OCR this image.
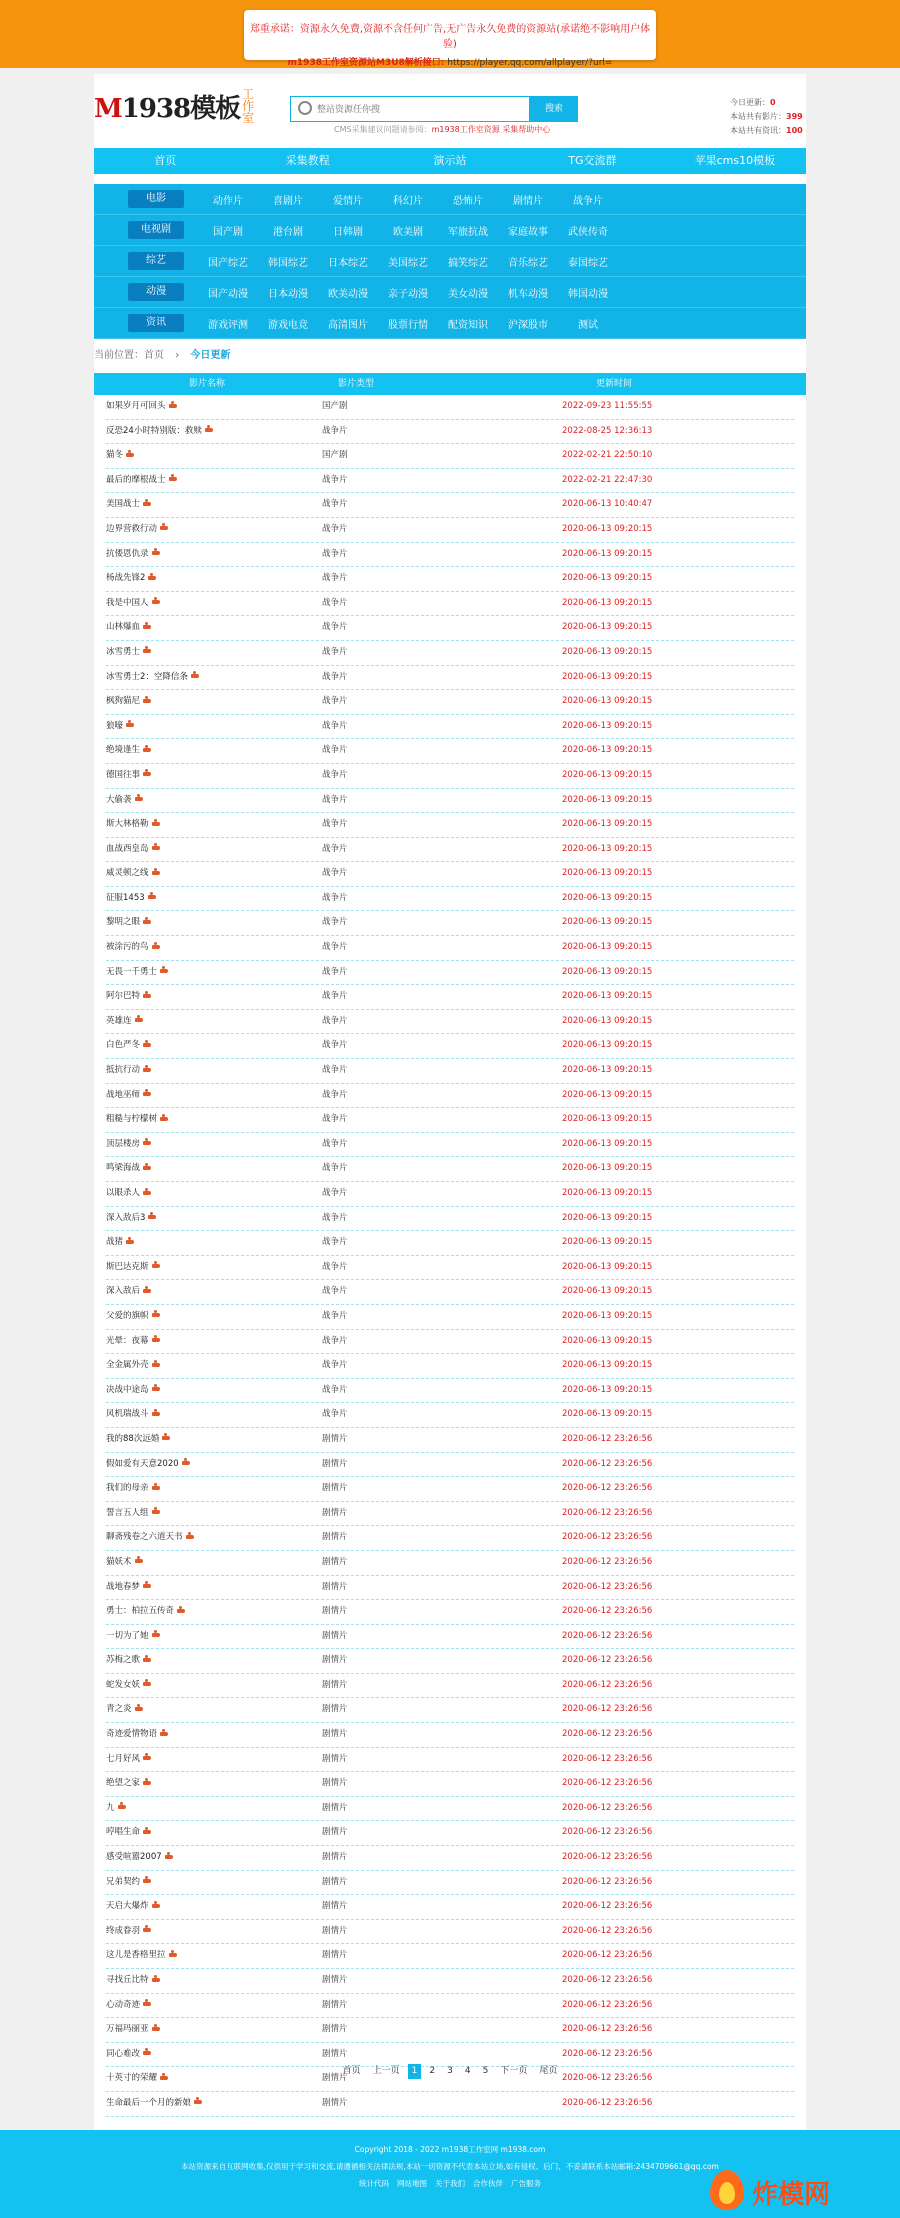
郑重承诺：资源永久免费,资源不含任何广告,无广告永久免费的资源站(承诺绝不影响用户体验)
m1938工作室资源站M3U8解析接口: https://player.qq.com/allplayer/?url=
M1938模板 工作室
整站资源任你搜
搜索
CMS采集建议问题请参阅：m1938工作室资源 采集帮助中心
今日更新：0
本站共有影片：399
本站共有资讯：100
首页	采集教程	演示站	TG交流群	苹果cms10模板
电影	动作片	喜剧片	爱情片	科幻片	恐怖片	剧情片	战争片
电视剧	国产剧	港台剧	日韩剧	欧美剧	军旅抗战	家庭故事	武侠传奇
综艺	国产综艺	韩国综艺	日本综艺	美国综艺	搞笑综艺	音乐综艺	泰国综艺
动漫	国产动漫	日本动漫	欧美动漫	亲子动漫	美女动漫	机车动漫	韩国动漫
资讯	游戏评测	游戏电竞	高清图片	股票行情	配资知识	沪深股市	测试
当前位置：首页 › 今日更新
影片名称	影片类型	更新时间
如果岁月可回头	国产剧	2022-09-23 11:55:55
反恐24小时特别版：救赎	战争片	2022-08-25 12:36:13
猫冬	国产剧	2022-02-21 22:50:10
最后的摩根战士	战争片	2022-02-21 22:47:30
美国战士	战争片	2020-06-13 10:40:47
边界营救行动	战争片	2020-06-13 09:20:15
抗倭恩仇录	战争片	2020-06-13 09:20:15
杨战先锋2	战争片	2020-06-13 09:20:15
我是中国人	战争片	2020-06-13 09:20:15
山林爆血	战争片	2020-06-13 09:20:15
冰雪勇士	战争片	2020-06-13 09:20:15
冰雪勇士2：空降信条	战争片	2020-06-13 09:20:15
枫狗猫尼	战争片	2020-06-13 09:20:15
狼嚎	战争片	2020-06-13 09:20:15
绝境逢生	战争片	2020-06-13 09:20:15
德国往事	战争片	2020-06-13 09:20:15
大偷袭	战争片	2020-06-13 09:20:15
斯大林格勒	战争片	2020-06-13 09:20:15
血战西皇岛	战争片	2020-06-13 09:20:15
威灵顿之线	战争片	2020-06-13 09:20:15
征服1453	战争片	2020-06-13 09:20:15
黎明之眼	战争片	2020-06-13 09:20:15
被涂污的鸟	战争片	2020-06-13 09:20:15
无畏一千勇士	战争片	2020-06-13 09:20:15
阿尔巴特	战争片	2020-06-13 09:20:15
英雄连	战争片	2020-06-13 09:20:15
白色严冬	战争片	2020-06-13 09:20:15
抵抗行动	战争片	2020-06-13 09:20:15
战地巫师	战争片	2020-06-13 09:20:15
粗糙与柠檬树	战争片	2020-06-13 09:20:15
顶层楼房	战争片	2020-06-13 09:20:15
鸣梁海战	战争片	2020-06-13 09:20:15
以眼杀人	战争片	2020-06-13 09:20:15
深入敌后3	战争片	2020-06-13 09:20:15
战猪	战争片	2020-06-13 09:20:15
斯巴达克斯	战争片	2020-06-13 09:20:15
深入敌后	战争片	2020-06-13 09:20:15
父爱的旗帜	战争片	2020-06-13 09:20:15
光晕：夜幕	战争片	2020-06-13 09:20:15
全金属外壳	战争片	2020-06-13 09:20:15
决战中途岛	战争片	2020-06-13 09:20:15
风机瑞战斗	战争片	2020-06-13 09:20:15
我的88次远婚	剧情片	2020-06-12 23:26:56
假如爱有天意2020	剧情片	2020-06-12 23:26:56
我们的母亲	剧情片	2020-06-12 23:26:56
誓言五人组	剧情片	2020-06-12 23:26:56
聊斋残卷之六道天书	剧情片	2020-06-12 23:26:56
猫妖术	剧情片	2020-06-12 23:26:56
战地春梦	剧情片	2020-06-12 23:26:56
勇士：柏拉五传奇	剧情片	2020-06-12 23:26:56
一切为了她	剧情片	2020-06-12 23:26:56
苏梅之歌	剧情片	2020-06-12 23:26:56
蛇发女妖	剧情片	2020-06-12 23:26:56
青之炎	剧情片	2020-06-12 23:26:56
奇迹爱情物语	剧情片	2020-06-12 23:26:56
七月好风	剧情片	2020-06-12 23:26:56
绝望之家	剧情片	2020-06-12 23:26:56
九	剧情片	2020-06-12 23:26:56
哼唱生命	剧情片	2020-06-12 23:26:56
感受喧嚣2007	剧情片	2020-06-12 23:26:56
兄弟契约	剧情片	2020-06-12 23:26:56
天启大爆炸	剧情片	2020-06-12 23:26:56
终成眷羽	剧情片	2020-06-12 23:26:56
这儿是香格里拉	剧情片	2020-06-12 23:26:56
寻找丘比特	剧情片	2020-06-12 23:26:56
心动奇迹	剧情片	2020-06-12 23:26:56
万福玛丽亚	剧情片	2020-06-12 23:26:56
同心难改	剧情片	2020-06-12 23:26:56
十英寸的荣耀	剧情片	2020-06-12 23:26:56
生命最后一个月的新娘	剧情片	2020-06-12 23:26:56
首页 上一页 1 2 3 4 5 下一页 尾页

Copyright 2018 - 2022 m1938工作室网 m1938.com

本站资源来自互联网收集,仅供用于学习和交流,请遵循相关法律法规,本站一切资源不代表本站立场,如有侵权、后门、不妥请联系本站邮箱:2434709661@qq.com

统计代码 网站地图 关于我们 合作伙伴 广告服务	炸模网
